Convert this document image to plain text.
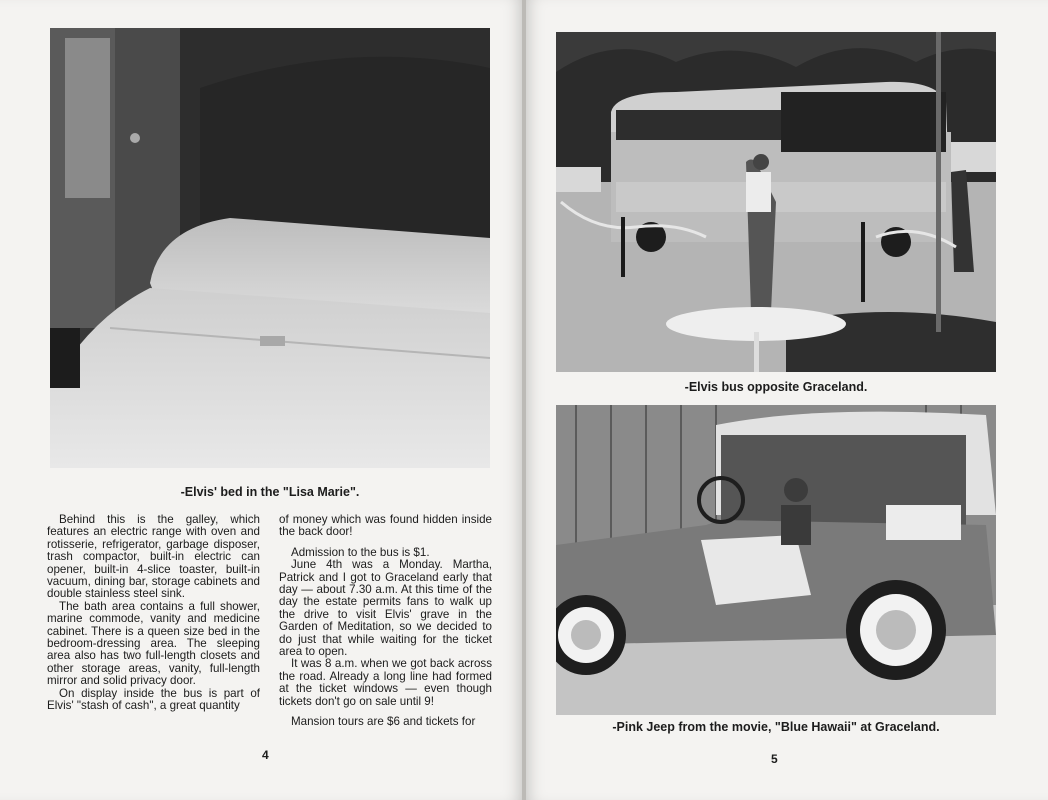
-Elvis' bed in the "Lisa Marie".

Behind this is the galley, which features an electric range with oven and rotisserie, refrigerator, garbage disposer, trash compactor, built-in electric can opener, built-in 4-slice toaster, built-in vacuum, dining bar, storage cabinets and double stainless steel sink.

The bath area contains a full shower, marine commode, vanity and medicine cabinet. There is a queen size bed in the bedroom-dressing area. The sleeping area also has two full-length closets and other storage areas, vanity, full-length mirror and solid privacy door.

On display inside the bus is part of Elvis' "stash of cash", a great quantity

of money which was found hidden inside the back door!

Admission to the bus is $1.

June 4th was a Monday. Martha, Patrick and I got to Graceland early that day — about 7.30 a.m. At this time of the day the estate permits fans to walk up the drive to visit Elvis' grave in the Garden of Meditation, so we decided to do just that while waiting for the ticket area to open.

It was 8 a.m. when we got back across the road. Already a long line had formed at the ticket windows — even though tickets don't go on sale until 9!

Mansion tours are $6 and tickets for

4
-Elvis bus opposite Graceland.
-Pink Jeep from the movie, "Blue Hawaii" at Graceland.
5
